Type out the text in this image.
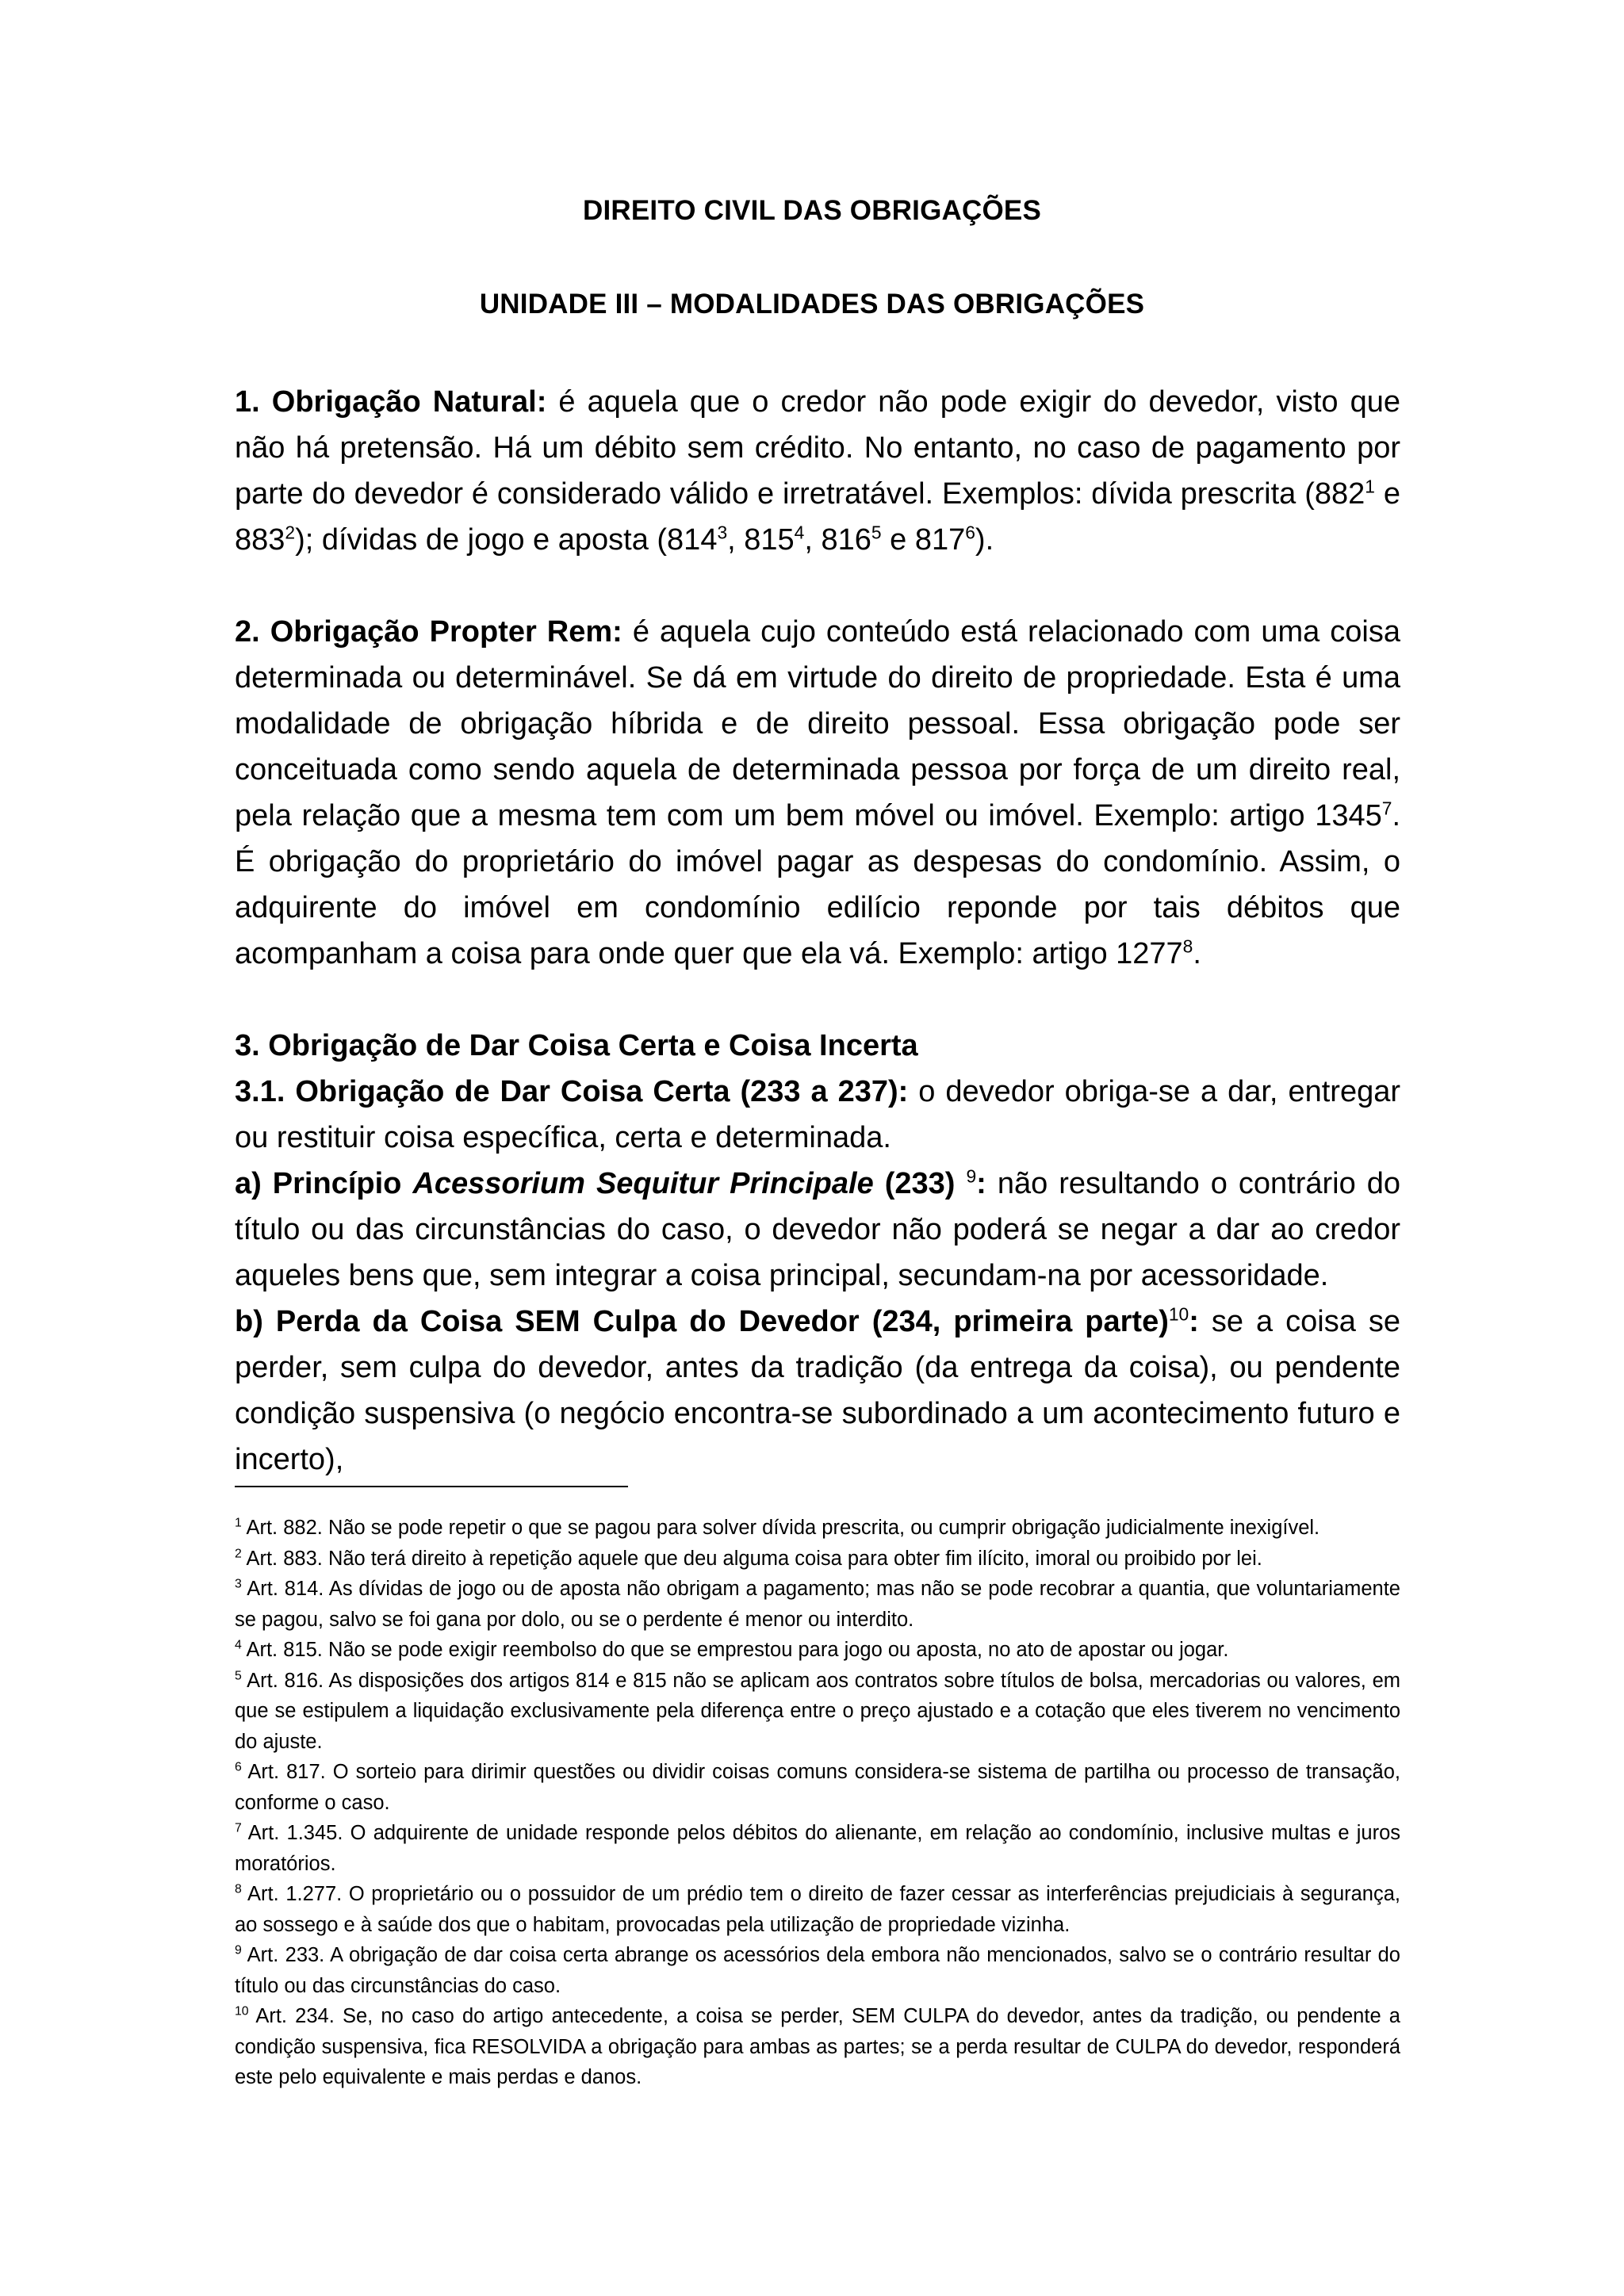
DIREITO CIVIL DAS OBRIGAÇÕES
UNIDADE III – MODALIDADES DAS OBRIGAÇÕES

1. Obrigação Natural: é aquela que o credor não pode exigir do devedor, visto que não há pretensão. Há um débito sem crédito. No entanto, no caso de pagamento por parte do devedor é considerado válido e irretratável. Exemplos: dívida prescrita ($882^1$ e $883^2$); dívidas de jogo e aposta ($814^3$, $815^4$, $816^5$ e $817^6$).

2. Obrigação Propter Rem: é aquela cujo conteúdo está relacionado com uma coisa determinada ou determinável. Se dá em virtude do direito de propriedade. Esta é uma modalidade de obrigação híbrida e de direito pessoal. Essa obrigação pode ser conceituada como sendo aquela de determinada pessoa por força de um direito real, pela relação que a mesma tem com um bem móvel ou imóvel. Exemplo: artigo 1345$^7$. É obrigação do proprietário do imóvel pagar as despesas do condomínio. Assim, o adquirente do imóvel em condomínio edilício reponde por tais débitos que acompanham a coisa para onde quer que ela vá. Exemplo: artigo 1277$^8$.

3. Obrigação de Dar Coisa Certa e Coisa Incerta

3.1. Obrigação de Dar Coisa Certa (233 a 237): o devedor obriga-se a dar, entregar ou restituir coisa específica, certa e determinada.

a) Princípio Acessorium Sequitur Principale (233) $^9$: não resultando o contrário do título ou das circunstâncias do caso, o devedor não poderá se negar a dar ao credor aqueles bens que, sem integrar a coisa principal, secundam-na por acessoridade.

b) Perda da Coisa SEM Culpa do Devedor (234, primeira parte)$^{10}$: se a coisa se perder, sem culpa do devedor, antes da tradição (da entrega da coisa), ou pendente condição suspensiva (o negócio encontra-se subordinado a um acontecimento futuro e incerto),

$^1$ Art. 882. Não se pode repetir o que se pagou para solver dívida prescrita, ou cumprir obrigação judicialmente inexigível.

$^2$ Art. 883. Não terá direito à repetição aquele que deu alguma coisa para obter fim ilícito, imoral ou proibido por lei.

$^3$ Art. 814. As dívidas de jogo ou de aposta não obrigam a pagamento; mas não se pode recobrar a quantia, que voluntariamente se pagou, salvo se foi gana por dolo, ou se o perdente é menor ou interdito.

$^4$ Art. 815. Não se pode exigir reembolso do que se emprestou para jogo ou aposta, no ato de apostar ou jogar.

$^5$ Art. 816. As disposições dos artigos 814 e 815 não se aplicam aos contratos sobre títulos de bolsa, mercadorias ou valores, em que se estipulem a liquidação exclusivamente pela diferença entre o preço ajustado e a cotação que eles tiverem no vencimento do ajuste.

$^6$ Art. 817. O sorteio para dirimir questões ou dividir coisas comuns considera-se sistema de partilha ou processo de transação, conforme o caso.

$^7$ Art. 1.345. O adquirente de unidade responde pelos débitos do alienante, em relação ao condomínio, inclusive multas e juros moratórios.

$^8$ Art. 1.277. O proprietário ou o possuidor de um prédio tem o direito de fazer cessar as interferências prejudiciais à segurança, ao sossego e à saúde dos que o habitam, provocadas pela utilização de propriedade vizinha.

$^9$ Art. 233. A obrigação de dar coisa certa abrange os acessórios dela embora não mencionados, salvo se o contrário resultar do título ou das circunstâncias do caso.

$^{10}$ Art. 234. Se, no caso do artigo antecedente, a coisa se perder, SEM CULPA do devedor, antes da tradição, ou pendente a condição suspensiva, fica RESOLVIDA a obrigação para ambas as partes; se a perda resultar de CULPA do devedor, responderá este pelo equivalente e mais perdas e danos.
